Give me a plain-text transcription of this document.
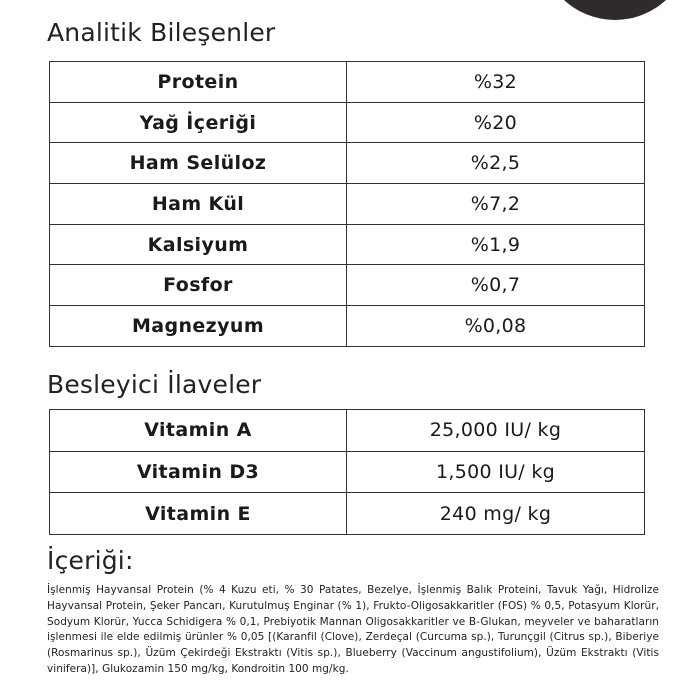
Analitik Bileşenler
Protein	%32
Yağ İçeriği	%20
Ham Selüloz	%2,5
Ham Kül	%7,2
Kalsiyum	%1,9
Fosfor	%0,7
Magnezyum	%0,08
Besleyici İlaveler
Vitamin A	25,000 IU/ kg
Vitamin D3	1,500 IU/ kg
Vitamin E	240 mg/ kg
İçeriği:

İşlenmiş Hayvansal Protein (% 4 Kuzu eti, % 30 Patates, Bezelye, İşlenmiş Balık Proteini, Tavuk Yağı, Hidrolize Hayvansal Protein, Şeker Pancarı, Kurutulmuş Enginar (% 1), Frukto-Oligosakkaritler (FOS) % 0,5, Potasyum Klorür, Sodyum Klorür, Yucca Schidigera % 0,1, Prebiyotik Mannan Oligosakkaritler ve B-Glukan, meyveler ve baharatların işlenmesi ile elde edilmiş ürünler % 0,05 [(Karanfil (Clove), Zerdeçal (Curcuma sp.), Turunçgil (Citrus sp.), Biberiye (Rosmarinus sp.), Üzüm Çekirdeği Ekstraktı (Vitis sp.), Blueberry (Vaccinum angustifolium), Üzüm Ekstraktı (Vitis vinifera)], Glukozamin 150 mg/kg, Kondroitin 100 mg/kg.
